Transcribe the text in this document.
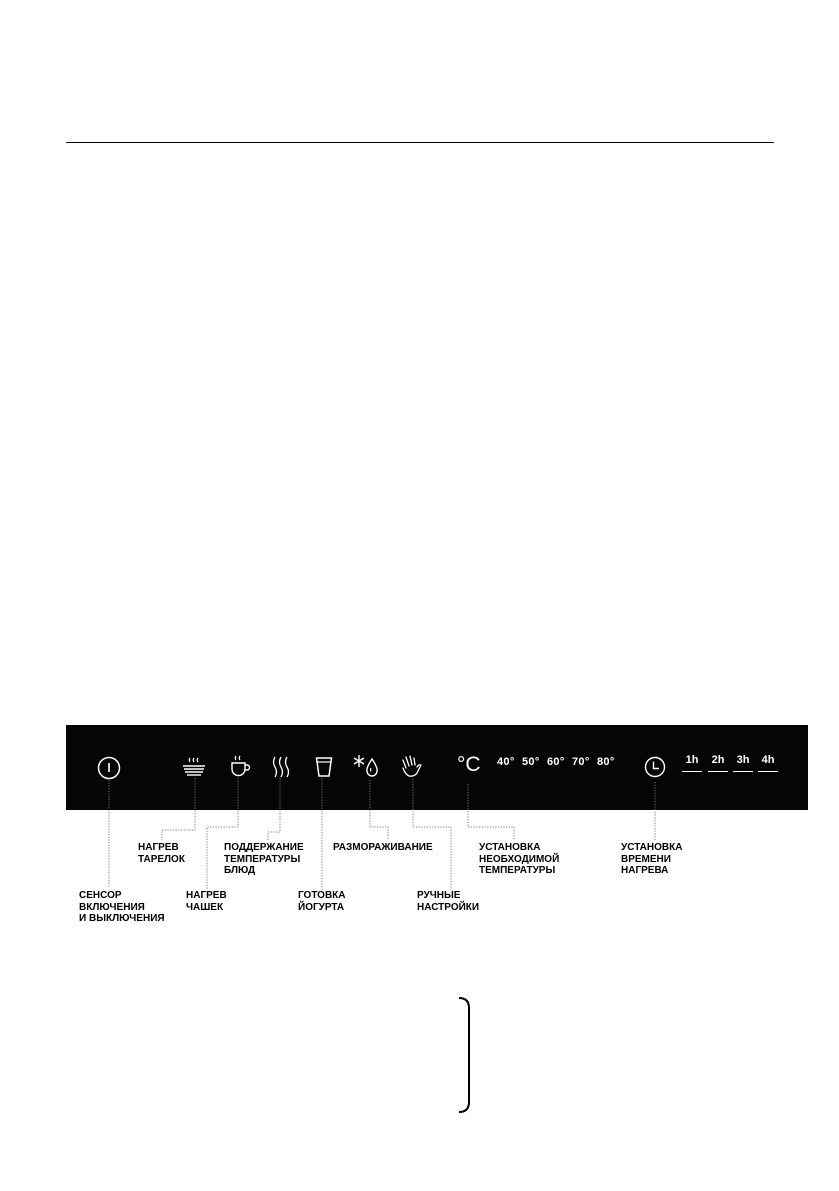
°C 40° 50° 60° 70° 80°	1h	2h	3h	4h
СЕНСОР
ВКЛЮЧЕНИЯ
И ВЫКЛЮЧЕНИЯ
НАГРЕВ
ТАРЕЛОК
НАГРЕВ
ЧАШЕК
ПОДДЕРЖАНИЕ
ТЕМПЕРАТУРЫ
БЛЮД
ГОТОВКА
ЙОГУРТА
РАЗМОРАЖИВАНИЕ
РУЧНЫЕ
НАСТРОЙКИ
УСТАНОВКА
НЕОБХОДИМОЙ
ТЕМПЕРАТУРЫ
УСТАНОВКА
ВРЕМЕНИ
НАГРЕВА
